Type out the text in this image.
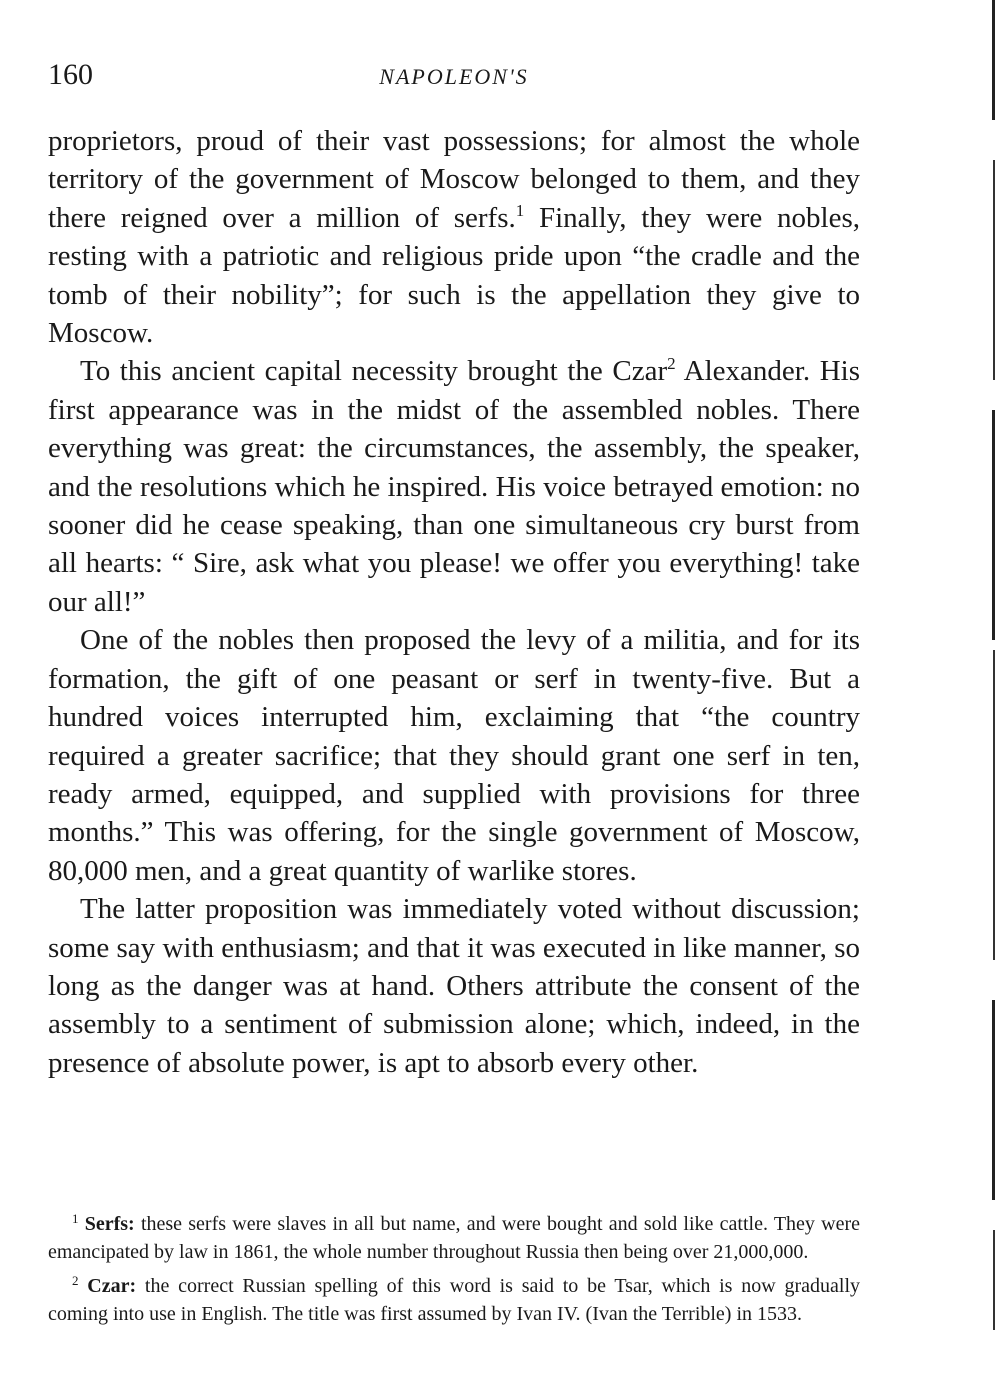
160	NAPOLEON'S

proprietors, proud of their vast possessions; for almost the whole territory of the government of Moscow belonged to them, and they there reigned over a million of serfs.$^1$ Finally, they were nobles, resting with a patriotic and religious pride upon “the cradle and the tomb of their nobility”; for such is the appellation they give to Moscow.

To this ancient capital necessity brought the Czar$^2$ Alexander. His first appearance was in the midst of the assembled nobles. There everything was great: the circumstances, the assembly, the speaker, and the resolutions which he inspired. His voice betrayed emotion: no sooner did he cease speaking, than one simultaneous cry burst from all hearts: “ Sire, ask what you please! we offer you everything! take our all!”

One of the nobles then proposed the levy of a militia, and for its formation, the gift of one peasant or serf in twenty-five. But a hundred voices interrupted him, exclaiming that “the country required a greater sacrifice; that they should grant one serf in ten, ready armed, equipped, and supplied with provisions for three months.” This was offering, for the single government of Moscow, 80,000 men, and a great quantity of warlike stores.

The latter proposition was immediately voted without discussion; some say with enthusiasm; and that it was executed in like manner, so long as the danger was at hand. Others attribute the consent of the assembly to a sentiment of submission alone; which, indeed, in the presence of absolute power, is apt to absorb every other.

$^1$ Serfs: these serfs were slaves in all but name, and were bought and sold like cattle. They were emancipated by law in 1861, the whole number throughout Russia then being over 21,000,000.

$^2$ Czar: the correct Russian spelling of this word is said to be Tsar, which is now gradually coming into use in English. The title was first assumed by Ivan IV. (Ivan the Terrible) in 1533.
